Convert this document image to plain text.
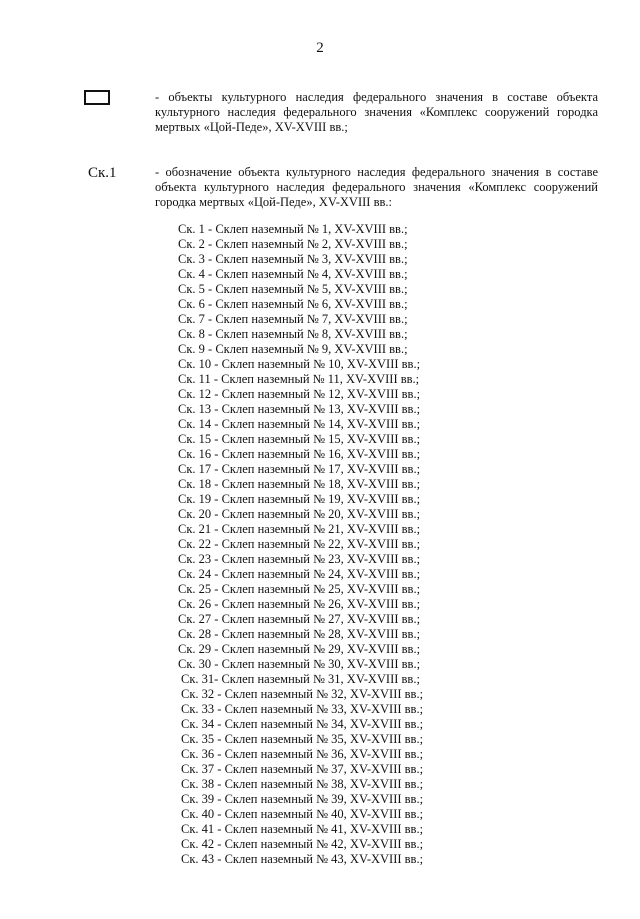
2
- объекты культурного наследия федерального значения в составе объекта культурного наследия федерального значения «Комплекс сооружений городка мертвых «Цой-Педе», XV-XVIII вв.;
Ск.1	- обозначение объекта культурного наследия федерального значения в составе объекта культурного наследия федерального значения «Комплекс сооружений городка мертвых «Цой-Педе», XV-XVIII вв.:
Ск. 1 - Склеп наземный № 1, XV-XVIII вв.;
Ск. 2 - Склеп наземный № 2, XV-XVIII вв.;
Ск. 3 - Склеп наземный № 3, XV-XVIII вв.;
Ск. 4 - Склеп наземный № 4, XV-XVIII вв.;
Ск. 5 - Склеп наземный № 5, XV-XVIII вв.;
Ск. 6 - Склеп наземный № 6, XV-XVIII вв.;
Ск. 7 - Склеп наземный № 7, XV-XVIII вв.;
Ск. 8 - Склеп наземный № 8, XV-XVIII вв.;
Ск. 9 - Склеп наземный № 9, XV-XVIII вв.;
Ск. 10 - Склеп наземный № 10, XV-XVIII вв.;
Ск. 11 - Склеп наземный № 11, XV-XVIII вв.;
Ск. 12 - Склеп наземный № 12, XV-XVIII вв.;
Ск. 13 - Склеп наземный № 13, XV-XVIII вв.;
Ск. 14 - Склеп наземный № 14, XV-XVIII вв.;
Ск. 15 - Склеп наземный № 15, XV-XVIII вв.;
Ск. 16 - Склеп наземный № 16, XV-XVIII вв.;
Ск. 17 - Склеп наземный № 17, XV-XVIII вв.;
Ск. 18 - Склеп наземный № 18, XV-XVIII вв.;
Ск. 19 - Склеп наземный № 19, XV-XVIII вв.;
Ск. 20 - Склеп наземный № 20, XV-XVIII вв.;
Ск. 21 - Склеп наземный № 21, XV-XVIII вв.;
Ск. 22 - Склеп наземный № 22, XV-XVIII вв.;
Ск. 23 - Склеп наземный № 23, XV-XVIII вв.;
Ск. 24 - Склеп наземный № 24, XV-XVIII вв.;
Ск. 25 - Склеп наземный № 25, XV-XVIII вв.;
Ск. 26 - Склеп наземный № 26, XV-XVIII вв.;
Ск. 27 - Склеп наземный № 27, XV-XVIII вв.;
Ск. 28 - Склеп наземный № 28, XV-XVIII вв.;
Ск. 29 - Склеп наземный № 29, XV-XVIII вв.;
Ск. 30 - Склеп наземный № 30, XV-XVIII вв.;
Ск. 31- Склеп наземный № 31, XV-XVIII вв.;
Ск. 32 - Склеп наземный № 32, XV-XVIII вв.;
Ск. 33 - Склеп наземный № 33, XV-XVIII вв.;
Ск. 34 - Склеп наземный № 34, XV-XVIII вв.;
Ск. 35 - Склеп наземный № 35, XV-XVIII вв.;
Ск. 36 - Склеп наземный № 36, XV-XVIII вв.;
Ск. 37 - Склеп наземный № 37, XV-XVIII вв.;
Ск. 38 - Склеп наземный № 38, XV-XVIII вв.;
Ск. 39 - Склеп наземный № 39, XV-XVIII вв.;
Ск. 40 - Склеп наземный № 40, XV-XVIII вв.;
Ск. 41 - Склеп наземный № 41, XV-XVIII вв.;
Ск. 42 - Склеп наземный № 42, XV-XVIII вв.;
Ск. 43 - Склеп наземный № 43, XV-XVIII вв.;
